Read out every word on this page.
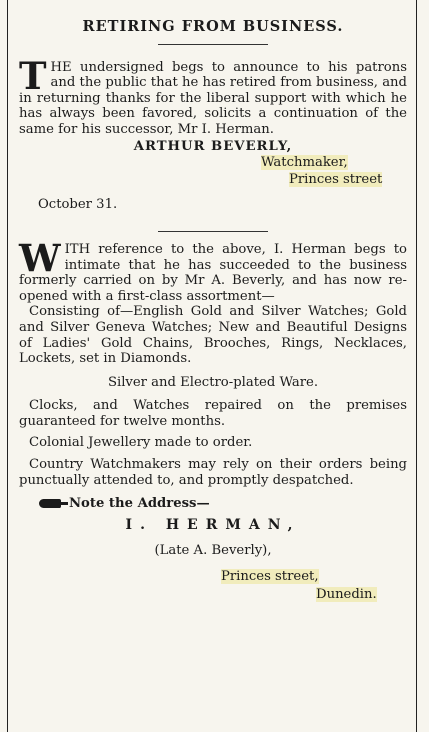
RETIRING FROM BUSINESS.
T HE undersigned begs to announce to his patrons and the public that he has retired from business, and in returning thanks for the liberal support with which he has always been favored, solicits a continuation of the same for his successor, Mr I. Herman.

ARTHUR BEVERLY,
Watchmaker,
Princes street
October 31.
W ITH reference to the above, I. Herman begs to intimate that he has succeeded to the business formerly carried on by Mr A. Beverly, and has now re-opened with a first-class assortment—

Consisting of—English Gold and Silver Watches; Gold and Silver Geneva Watches; New and Beautiful Designs of Ladies' Gold Chains, Brooches, Rings, Necklaces, Lockets, set in Diamonds.

Silver and Electro-plated Ware.

Clocks, and Watches repaired on the premises guaranteed for twelve months.

Colonial Jewellery made to order.

Country Watchmakers may rely on their orders being punctually attended to, and promptly despatched.

Note the Address—
I. HERMAN,
(Late A. Beverly),
Princes street,
Dunedin.
